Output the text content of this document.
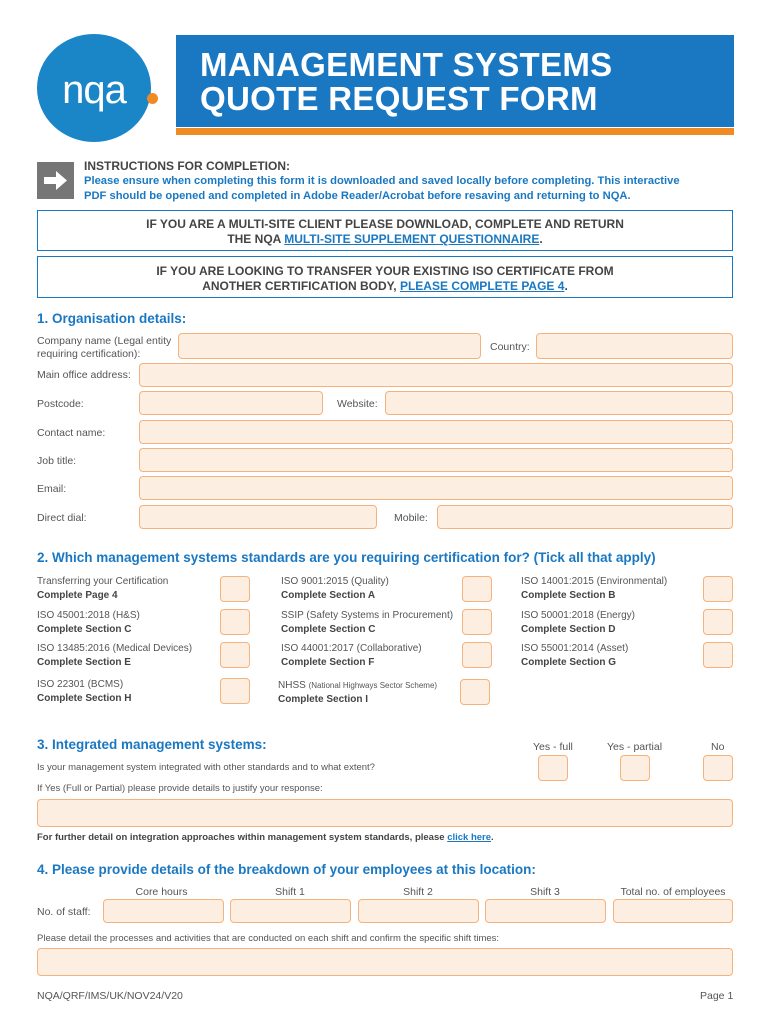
nqa
MANAGEMENT SYSTEMS
QUOTE REQUEST FORM
INSTRUCTIONS FOR COMPLETION:
Please ensure when completing this form it is downloaded and saved locally before completing. This interactive
PDF should be opened and completed in Adobe Reader/Acrobat before resaving and returning to NQA.
IF YOU ARE A MULTI-SITE CLIENT PLEASE DOWNLOAD, COMPLETE AND RETURN
THE NQA MULTI-SITE SUPPLEMENT QUESTIONNAIRE.
IF YOU ARE LOOKING TO TRANSFER YOUR EXISTING ISO CERTIFICATE FROM
ANOTHER CERTIFICATION BODY, PLEASE COMPLETE PAGE 4.
1. Organisation details:
Company name (Legal entity
requiring certification):
Country:
Main office address:
Postcode:	Website:
Contact name:
Job title:
Email:
Direct dial:	Mobile:
2. Which management systems standards are you requiring certification for? (Tick all that apply)
Transferring your Certification
Complete Page 4
ISO 9001:2015 (Quality)
Complete Section A
ISO 14001:2015 (Environmental)
Complete Section B
ISO 45001:2018 (H&S)
Complete Section C
SSIP (Safety Systems in Procurement)
Complete Section C
ISO 50001:2018 (Energy)
Complete Section D
ISO 13485:2016 (Medical Devices)
Complete Section E
ISO 44001:2017 (Collaborative)
Complete Section F
ISO 55001:2014 (Asset)
Complete Section G
ISO 22301 (BCMS)
Complete Section H
NHSS (National Highways Sector Scheme)
Complete Section I
3. Integrated management systems:	Yes - full	Yes - partial	No
Is your management system integrated with other standards and to what extent?
If Yes (Full or Partial) please provide details to justify your response:
For further detail on integration approaches within management system standards, please click here.
4. Please provide details of the breakdown of your employees at this location:
Core hours	Shift 1	Shift 2	Shift 3	Total no. of employees
No. of staff:
Please detail the processes and activities that are conducted on each shift and confirm the specific shift times:
NQA/QRF/IMS/UK/NOV24/V20	Page 1
